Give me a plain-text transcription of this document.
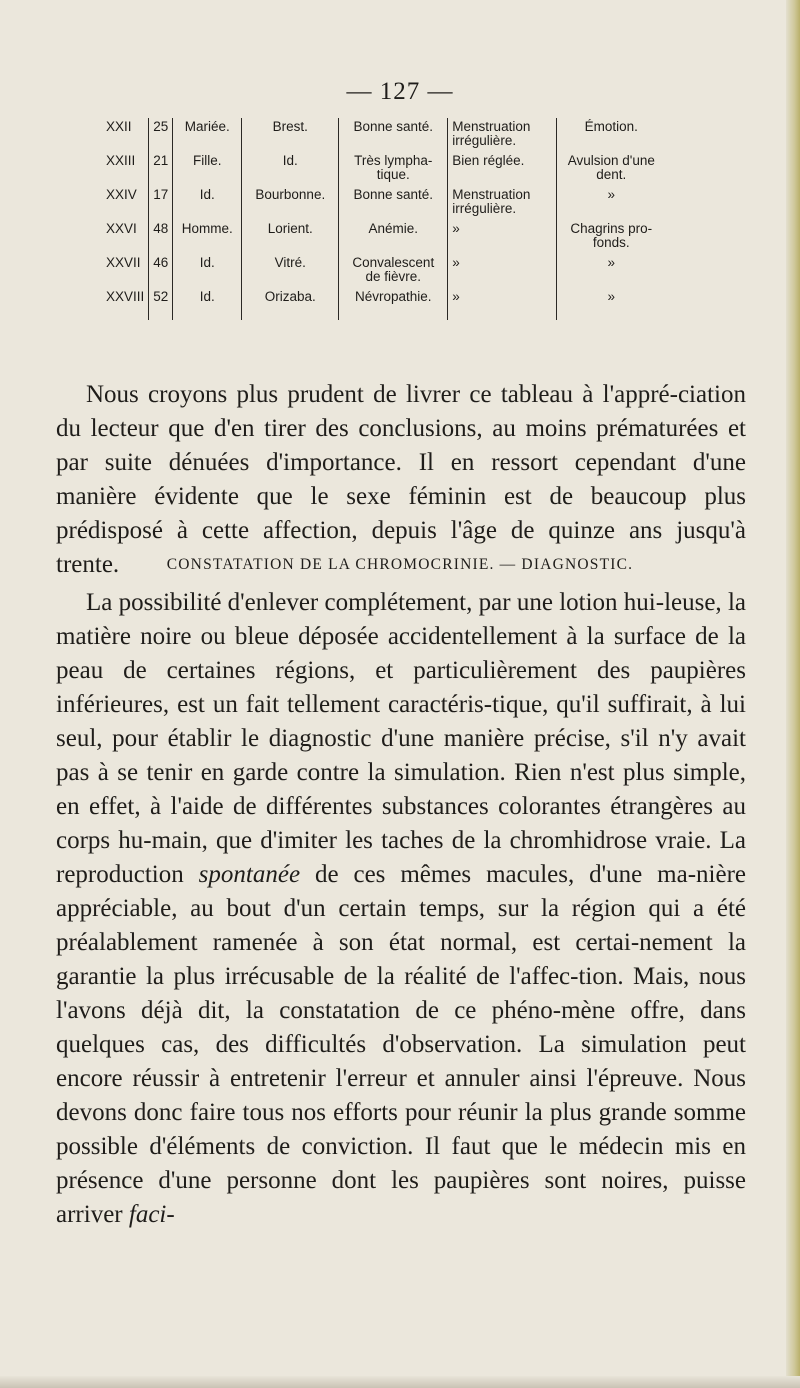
— 127 —
XXII	25	Mariée.	Brest.	Bonne santé.	Menstruation irrégulière.	Émotion.
XXIII	21	Fille.	Id.	Très lympha-tique.	Bien réglée.	Avulsion d'une dent.
XXIV	17	Id.	Bourbonne.	Bonne santé.	Menstruation irrégulière.	»
XXVI	48	Homme.	Lorient.	Anémie.	»	Chagrins pro-fonds.
XXVII	46	Id.	Vitré.	Convalescent de fièvre.	»	»
XXVIII	52	Id.	Orizaba.	Névropathie.	»	»
Nous croyons plus prudent de livrer ce tableau à l'appré-ciation du lecteur que d'en tirer des conclusions, au moins prématurées et par suite dénuées d'importance. Il en ressort cependant d'une manière évidente que le sexe féminin est de beaucoup plus prédisposé à cette affection, depuis l'âge de quinze ans jusqu'à trente.	CONSTATATION DE LA CHROMOCRINIE. — DIAGNOSTIC.
La possibilité d'enlever complétement, par une lotion hui-leuse, la matière noire ou bleue déposée accidentellement à la surface de la peau de certaines régions, et particulièrement des paupières inférieures, est un fait tellement caractéris-tique, qu'il suffirait, à lui seul, pour établir le diagnostic d'une manière précise, s'il n'y avait pas à se tenir en garde contre la simulation. Rien n'est plus simple, en effet, à l'aide de différentes substances colorantes étrangères au corps hu-main, que d'imiter les taches de la chromhidrose vraie. La reproduction spontanée de ces mêmes macules, d'une ma-nière appréciable, au bout d'un certain temps, sur la région qui a été préalablement ramenée à son état normal, est certai-nement la garantie la plus irrécusable de la réalité de l'affec-tion. Mais, nous l'avons déjà dit, la constatation de ce phéno-mène offre, dans quelques cas, des difficultés d'observation. La simulation peut encore réussir à entretenir l'erreur et annuler ainsi l'épreuve. Nous devons donc faire tous nos efforts pour réunir la plus grande somme possible d'éléments de conviction. Il faut que le médecin mis en présence d'une personne dont les paupières sont noires, puisse arriver faci-
